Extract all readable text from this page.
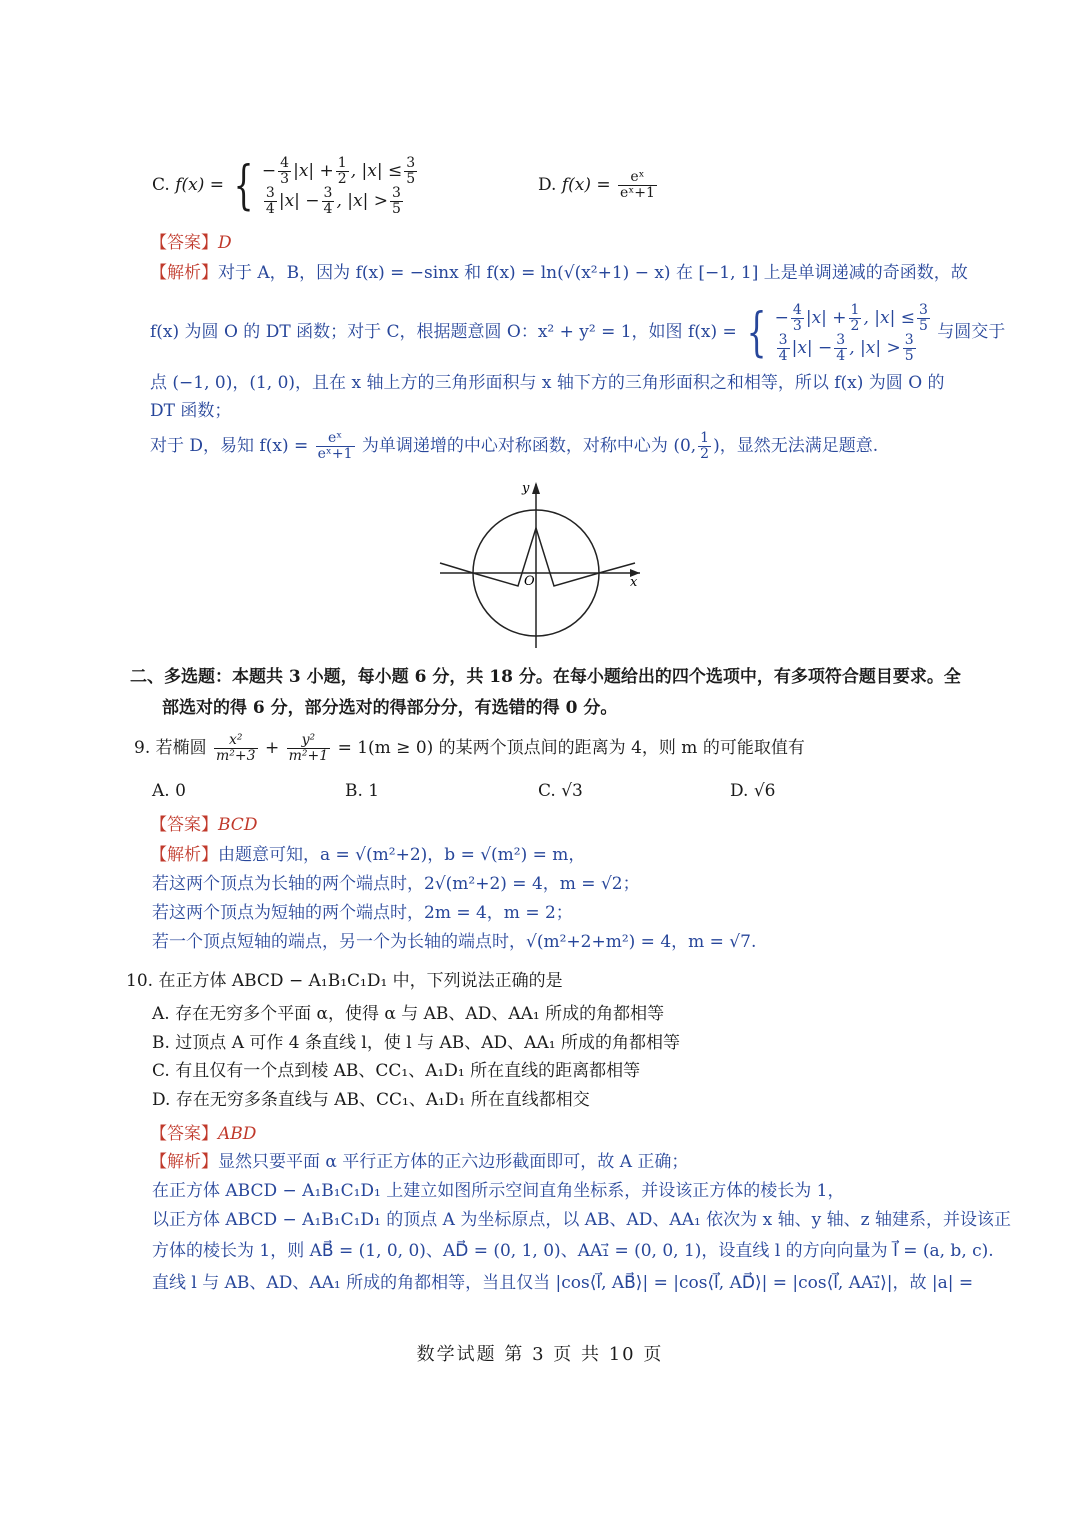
C. f(x) = { − $\frac{4}{3} |x| + \frac{1}{2}$ , $|x| \le \frac{3}{5}$
$\frac{3}{4} |x| - \frac{3}{4}$ , $|x| > \frac{3}{5}$
D. $f(x) = \frac{\text{eˣ}}{\text{eˣ+1}}$
【答案】D
【解析】对于 A，B，因为 f(x) = −sinx 和 f(x) = ln(√(x²+1) − x) 在 [−1, 1] 上是单调递减的奇函数，故
f(x) 为圆 O 的 DT 函数；对于 C，根据题意圆 O：x² + y² = 1，如图 f(x) = { − $\frac{4}{3} |x| + \frac{1}{2}$ , $|x| \le \frac{3}{5}$
$\frac{3}{4} |x| - \frac{3}{4}$ , $|x| > \frac{3}{5}$
与圆交于
点 (−1, 0)，(1, 0)，且在 x 轴上方的三角形面积与 x 轴下方的三角形面积之和相等，所以 f(x) 为圆 O 的
DT 函数；
对于 D，易知 $f(x) = \frac{\text{eˣ}}{\text{eˣ+1}}$ 为单调递增的中心对称函数，对称中心为 (0, $\frac{1}{2}$ )，显然无法满足题意.
y
x
O
二、多选题：本题共 3 小题，每小题 6 分，共 18 分。在每小题给出的四个选项中，有多项符合题目要求。全
部选对的得 6 分，部分选对的得部分分，有选错的得 0 分。
9. 若椭圆 $\frac{\text{x²}}{\text{m²+3}} + \frac{\text{y²}}{\text{m²+1}} = 1(m \ge 0)$ 的某两个顶点间的距离为 4，则 m 的可能取值有
A. 0	B. 1	C. √3	D. √6
【答案】BCD
【解析】由题意可知，a = √(m²+2)，b = √(m²) = m，
若这两个顶点为长轴的两个端点时，2√(m²+2) = 4，m = √2；
若这两个顶点为短轴的两个端点时，2m = 4，m = 2；
若一个顶点短轴的端点，另一个为长轴的端点时，√(m²+2+m²) = 4，m = √7.
10. 在正方体 ABCD − A₁B₁C₁D₁ 中，下列说法正确的是
A. 存在无穷多个平面 α，使得 α 与 AB、AD、AA₁ 所成的角都相等
B. 过顶点 A 可作 4 条直线 l，使 l 与 AB、AD、AA₁ 所成的角都相等
C. 有且仅有一个点到棱 AB、CC₁、A₁D₁ 所在直线的距离都相等
D. 存在无穷多条直线与 AB、CC₁、A₁D₁ 所在直线都相交
【答案】ABD
【解析】显然只要平面 α 平行正方体的正六边形截面即可，故 A 正确；
在正方体 ABCD − A₁B₁C₁D₁ 上建立如图所示空间直角坐标系，并设该正方体的棱长为 1，
以正方体 ABCD − A₁B₁C₁D₁ 的顶点 A 为坐标原点，以 AB、AD、AA₁ 依次为 x 轴、y 轴、z 轴建系，并设该正
方体的棱长为 1，则 AB⃗ = (1, 0, 0)、AD⃗ = (0, 1, 0)、AA₁⃗ = (0, 0, 1)，设直线 l 的方向向量为 l⃗ = (a, b, c).
直线 l 与 AB、AD、AA₁ 所成的角都相等，当且仅当 |cos⟨l⃗, AB⃗⟩| = |cos⟨l⃗, AD⃗⟩| = |cos⟨l⃗, AA₁⃗⟩|，故 |a| =
数学试题 第 3 页 共 10 页
